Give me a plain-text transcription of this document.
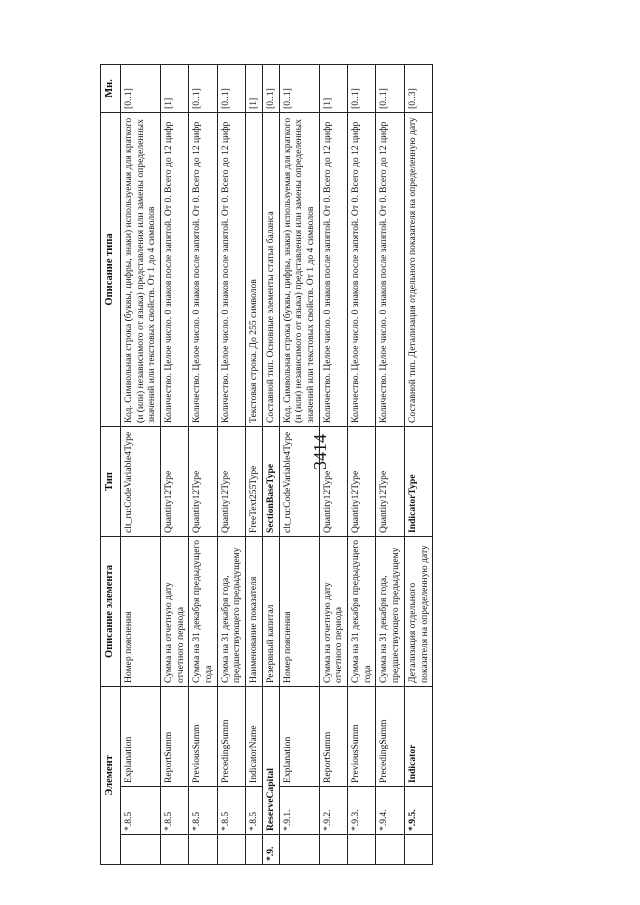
3414
Элемент			Описание элемента	Тип	Описание типа	Мн.
	*.8.5	Explanation	Номер пояснения	clt_ru:CodeVariable4Type	Код. Символьная строка (буквы, цифры, знаки) используемая для краткого (и (или) независимого от языка) представления или замены определенных значений или текстовых свойств. От 1 до 4 символов	[0..1]
	*.8.5	ReportSumm	Сумма на отчетную дату отчетного периода	Quantity12Type	Количество. Целое число. 0 знаков после запятой. От 0. Всего до 12 цифр	[1]
	*.8.5	PreviousSumm	Сумма на 31 декабря предыдущего года	Quantity12Type	Количество. Целое число. 0 знаков после запятой. От 0. Всего до 12 цифр	[0..1]
	*.8.5	PrecedingSumm	Сумма на 31 декабря года, предшествующего предыдущему	Quantity12Type	Количество. Целое число. 0 знаков после запятой. От 0. Всего до 12 цифр	[0..1]
	*.8.5	IndicatorName	Наименование показателя	FreeText255Type	Текстовая строка. До 255 символов	[1]
*.9.	ReserveCapital		Резервный капитал	SectionBaseType	Составной тип. Основные элементы статьи баланса	[0..1]
	*.9.1.	Explanation	Номер пояснения	clt_ru:CodeVariable4Type	Код. Символьная строка (буквы, цифры, знаки) используемая для краткого (и (или) независимого от языка) представления или замены определенных значений или текстовых свойств. От 1 до 4 символов	[0..1]
	*.9.2.	ReportSumm	Сумма на отчетную дату отчетного периода	Quantity12Type	Количество. Целое число. 0 знаков после запятой. От 0. Всего до 12 цифр	[1]
	*.9.3.	PreviousSumm	Сумма на 31 декабря предыдущего года	Quantity12Type	Количество. Целое число. 0 знаков после запятой. От 0. Всего до 12 цифр	[0..1]
	*.9.4.	PrecedingSumm	Сумма на 31 декабря года, предшествующего предыдущему	Quantity12Type	Количество. Целое число. 0 знаков после запятой. От 0. Всего до 12 цифр	[0..1]
	*.9.5.	Indicator	Детализация отдельного показателя на определенную дату	IndicatorType	Составной тип. Детализация отдельного показателя на определенную дату	[0..3]
